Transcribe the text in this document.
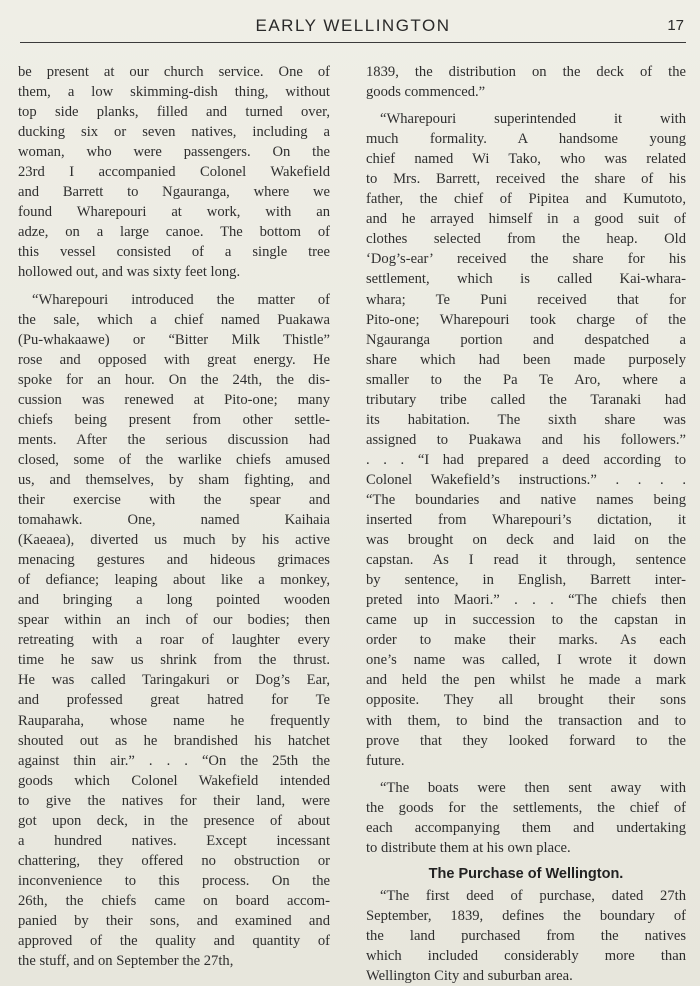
EARLY WELLINGTON	17
be present at our church service. One of
them, a low skimming-dish thing, without
top side planks, filled and turned over,
ducking six or seven natives, including a
woman, who were passengers. On the
23rd I accompanied Colonel Wakefield
and Barrett to Ngauranga, where we
found Wharepouri at work, with an
adze, on a large canoe. The bottom of
this vessel consisted of a single tree
hollowed out, and was sixty feet long.
“Wharepouri introduced the matter of
the sale, which a chief named Puakawa
(Pu-whakaawe) or “Bitter Milk Thistle”
rose and opposed with great energy. He
spoke for an hour. On the 24th, the dis-
cussion was renewed at Pito-one; many
chiefs being present from other settle-
ments. After the serious discussion had
closed, some of the warlike chiefs amused
us, and themselves, by sham fighting, and
their exercise with the spear and
tomahawk. One, named Kaihaia
(Kaeaea), diverted us much by his active
menacing gestures and hideous grimaces
of defiance; leaping about like a monkey,
and bringing a long pointed wooden
spear within an inch of our bodies; then
retreating with a roar of laughter every
time he saw us shrink from the thrust.
He was called Taringakuri or Dog’s Ear,
and professed great hatred for Te
Rauparaha, whose name he frequently
shouted out as he brandished his hatchet
against thin air.” . . . “On the 25th the
goods which Colonel Wakefield intended
to give the natives for their land, were
got upon deck, in the presence of about
a hundred natives. Except incessant
chattering, they offered no obstruction or
inconvenience to this process. On the
26th, the chiefs came on board accom-
panied by their sons, and examined and
approved of the quality and quantity of
the stuff, and on September the 27th,
1839, the distribution on the deck of the
goods commenced.”
“Wharepouri superintended it with
much formality. A handsome young
chief named Wi Tako, who was related
to Mrs. Barrett, received the share of his
father, the chief of Pipitea and Kumutoto,
and he arrayed himself in a good suit of
clothes selected from the heap. Old
‘Dog’s-ear’ received the share for his
settlement, which is called Kai-whara-
whara; Te Puni received that for
Pito-one; Wharepouri took charge of the
Ngauranga portion and despatched a
share which had been made purposely
smaller to the Pa Te Aro, where a
tributary tribe called the Taranaki had
its habitation. The sixth share was
assigned to Puakawa and his followers.”
. . . “I had prepared a deed according to
Colonel Wakefield’s instructions.” . . . .
“The boundaries and native names being
inserted from Wharepouri’s dictation, it
was brought on deck and laid on the
capstan. As I read it through, sentence
by sentence, in English, Barrett inter-
preted into Maori.” . . . “The chiefs then
came up in succession to the capstan in
order to make their marks. As each
one’s name was called, I wrote it down
and held the pen whilst he made a mark
opposite. They all brought their sons
with them, to bind the transaction and to
prove that they looked forward to the
future.
“The boats were then sent away with
the goods for the settlements, the chief of
each accompanying them and undertaking
to distribute them at his own place.
The Purchase of Wellington.
“The first deed of purchase, dated 27th
September, 1839, defines the boundary of
the land purchased from the natives
which included considerably more than
Wellington City and suburban area.
